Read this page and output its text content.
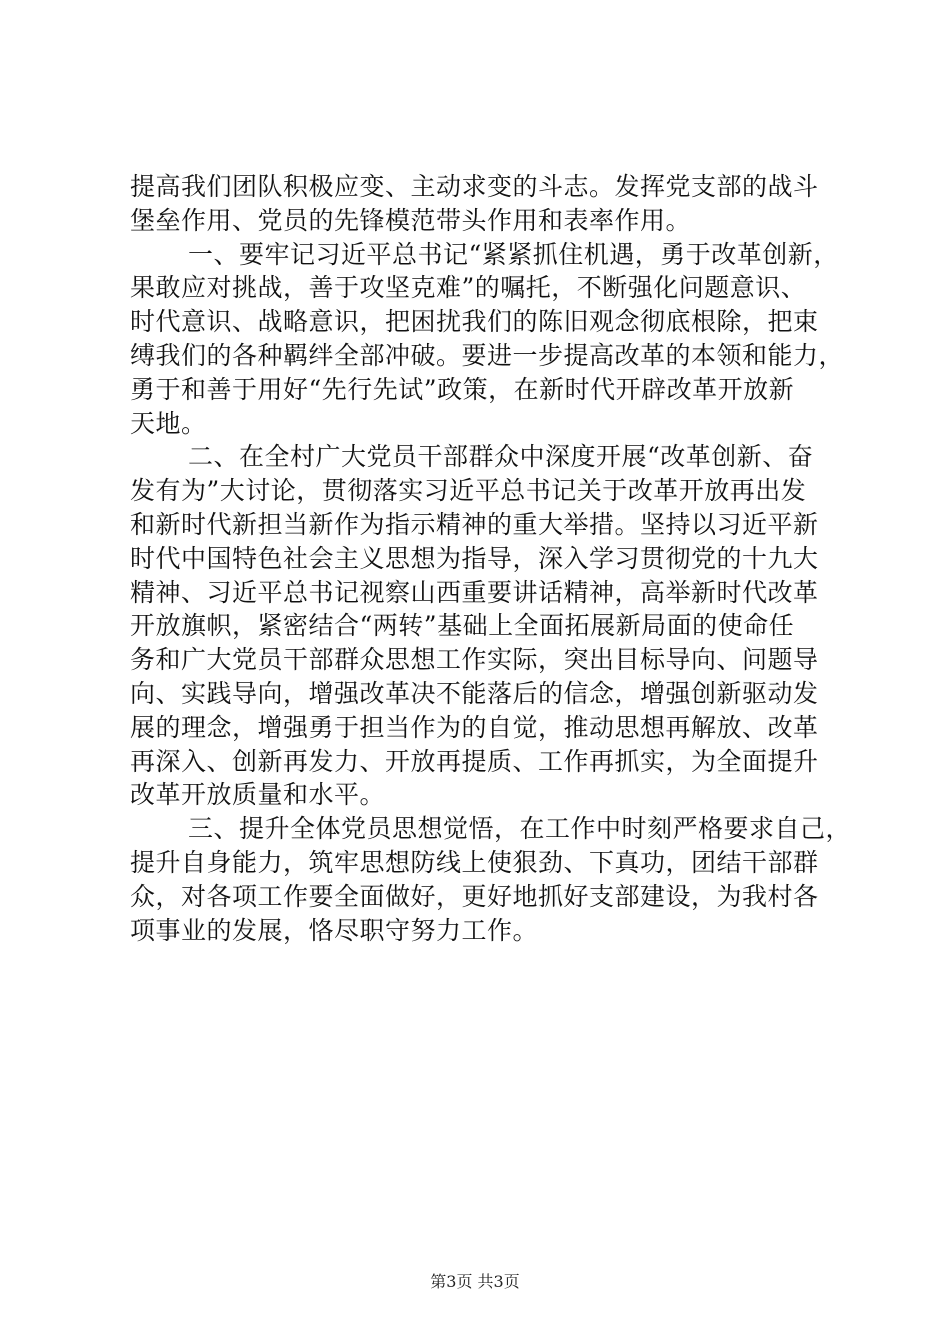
提高我们团队积极应变、主动求变的斗志。发挥党支部的战斗
堡垒作用、党员的先锋模范带头作用和表率作用。
一、要牢记习近平总书记“紧紧抓住机遇，勇于改革创新，
果敢应对挑战，善于攻坚克难”的嘱托，不断强化问题意识、
时代意识、战略意识，把困扰我们的陈旧观念彻底根除，把束
缚我们的各种羁绊全部冲破。要进一步提高改革的本领和能力，
勇于和善于用好“先行先试”政策，在新时代开辟改革开放新
天地。
二、在全村广大党员干部群众中深度开展“改革创新、奋
发有为”大讨论，贯彻落实习近平总书记关于改革开放再出发
和新时代新担当新作为指示精神的重大举措。坚持以习近平新
时代中国特色社会主义思想为指导，深入学习贯彻党的十九大
精神、习近平总书记视察山西重要讲话精神，高举新时代改革
开放旗帜，紧密结合“两转”基础上全面拓展新局面的使命任
务和广大党员干部群众思想工作实际，突出目标导向、问题导
向、实践导向，增强改革决不能落后的信念，增强创新驱动发
展的理念，增强勇于担当作为的自觉，推动思想再解放、改革
再深入、创新再发力、开放再提质、工作再抓实，为全面提升
改革开放质量和水平。
三、提升全体党员思想觉悟，在工作中时刻严格要求自己，
提升自身能力，筑牢思想防线上使狠劲、下真功，团结干部群
众，对各项工作要全面做好，更好地抓好支部建设，为我村各
项事业的发展，恪尽职守努力工作。
第3页 共3页
